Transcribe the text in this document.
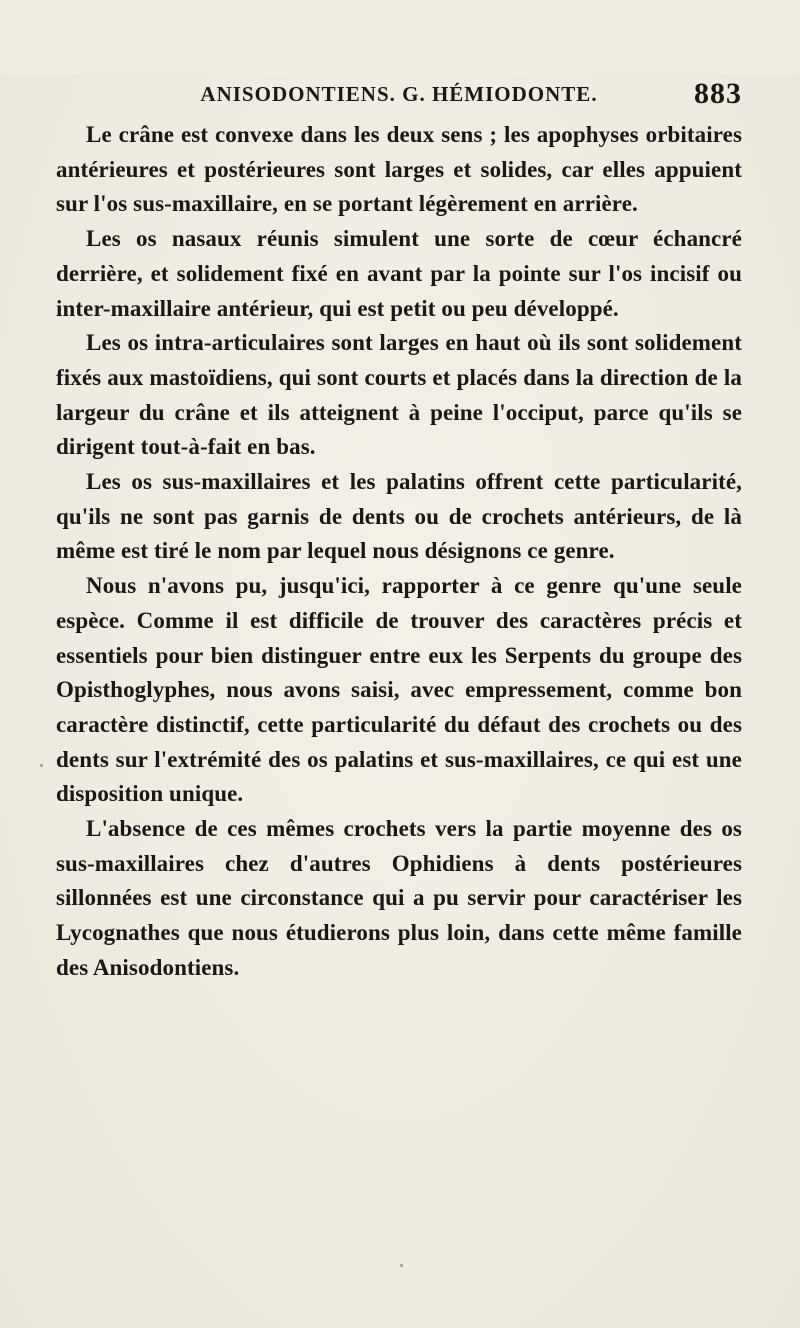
ANISODONTIENS. G. HÉMIODONTE.	883

Le crâne est convexe dans les deux sens ; les apophyses orbitaires antérieures et postérieures sont larges et solides, car elles appuient sur l'os sus-maxillaire, en se portant légèrement en arrière.

Les os nasaux réunis simulent une sorte de cœur échancré derrière, et solidement fixé en avant par la pointe sur l'os incisif ou inter-maxillaire antérieur, qui est petit ou peu développé.

Les os intra-articulaires sont larges en haut où ils sont solidement fixés aux mastoïdiens, qui sont courts et placés dans la direction de la largeur du crâne et ils atteignent à peine l'occiput, parce qu'ils se dirigent tout-à-fait en bas.

Les os sus-maxillaires et les palatins offrent cette particularité, qu'ils ne sont pas garnis de dents ou de crochets antérieurs, de là même est tiré le nom par lequel nous désignons ce genre.

Nous n'avons pu, jusqu'ici, rapporter à ce genre qu'une seule espèce. Comme il est difficile de trouver des caractères précis et essentiels pour bien distinguer entre eux les Serpents du groupe des Opisthoglyphes, nous avons saisi, avec empressement, comme bon caractère distinctif, cette particularité du défaut des crochets ou des dents sur l'extrémité des os palatins et sus-maxillaires, ce qui est une disposition unique.

L'absence de ces mêmes crochets vers la partie moyenne des os sus-maxillaires chez d'autres Ophidiens à dents postérieures sillonnées est une circonstance qui a pu servir pour caractériser les Lycognathes que nous étudierons plus loin, dans cette même famille des Anisodontiens.
